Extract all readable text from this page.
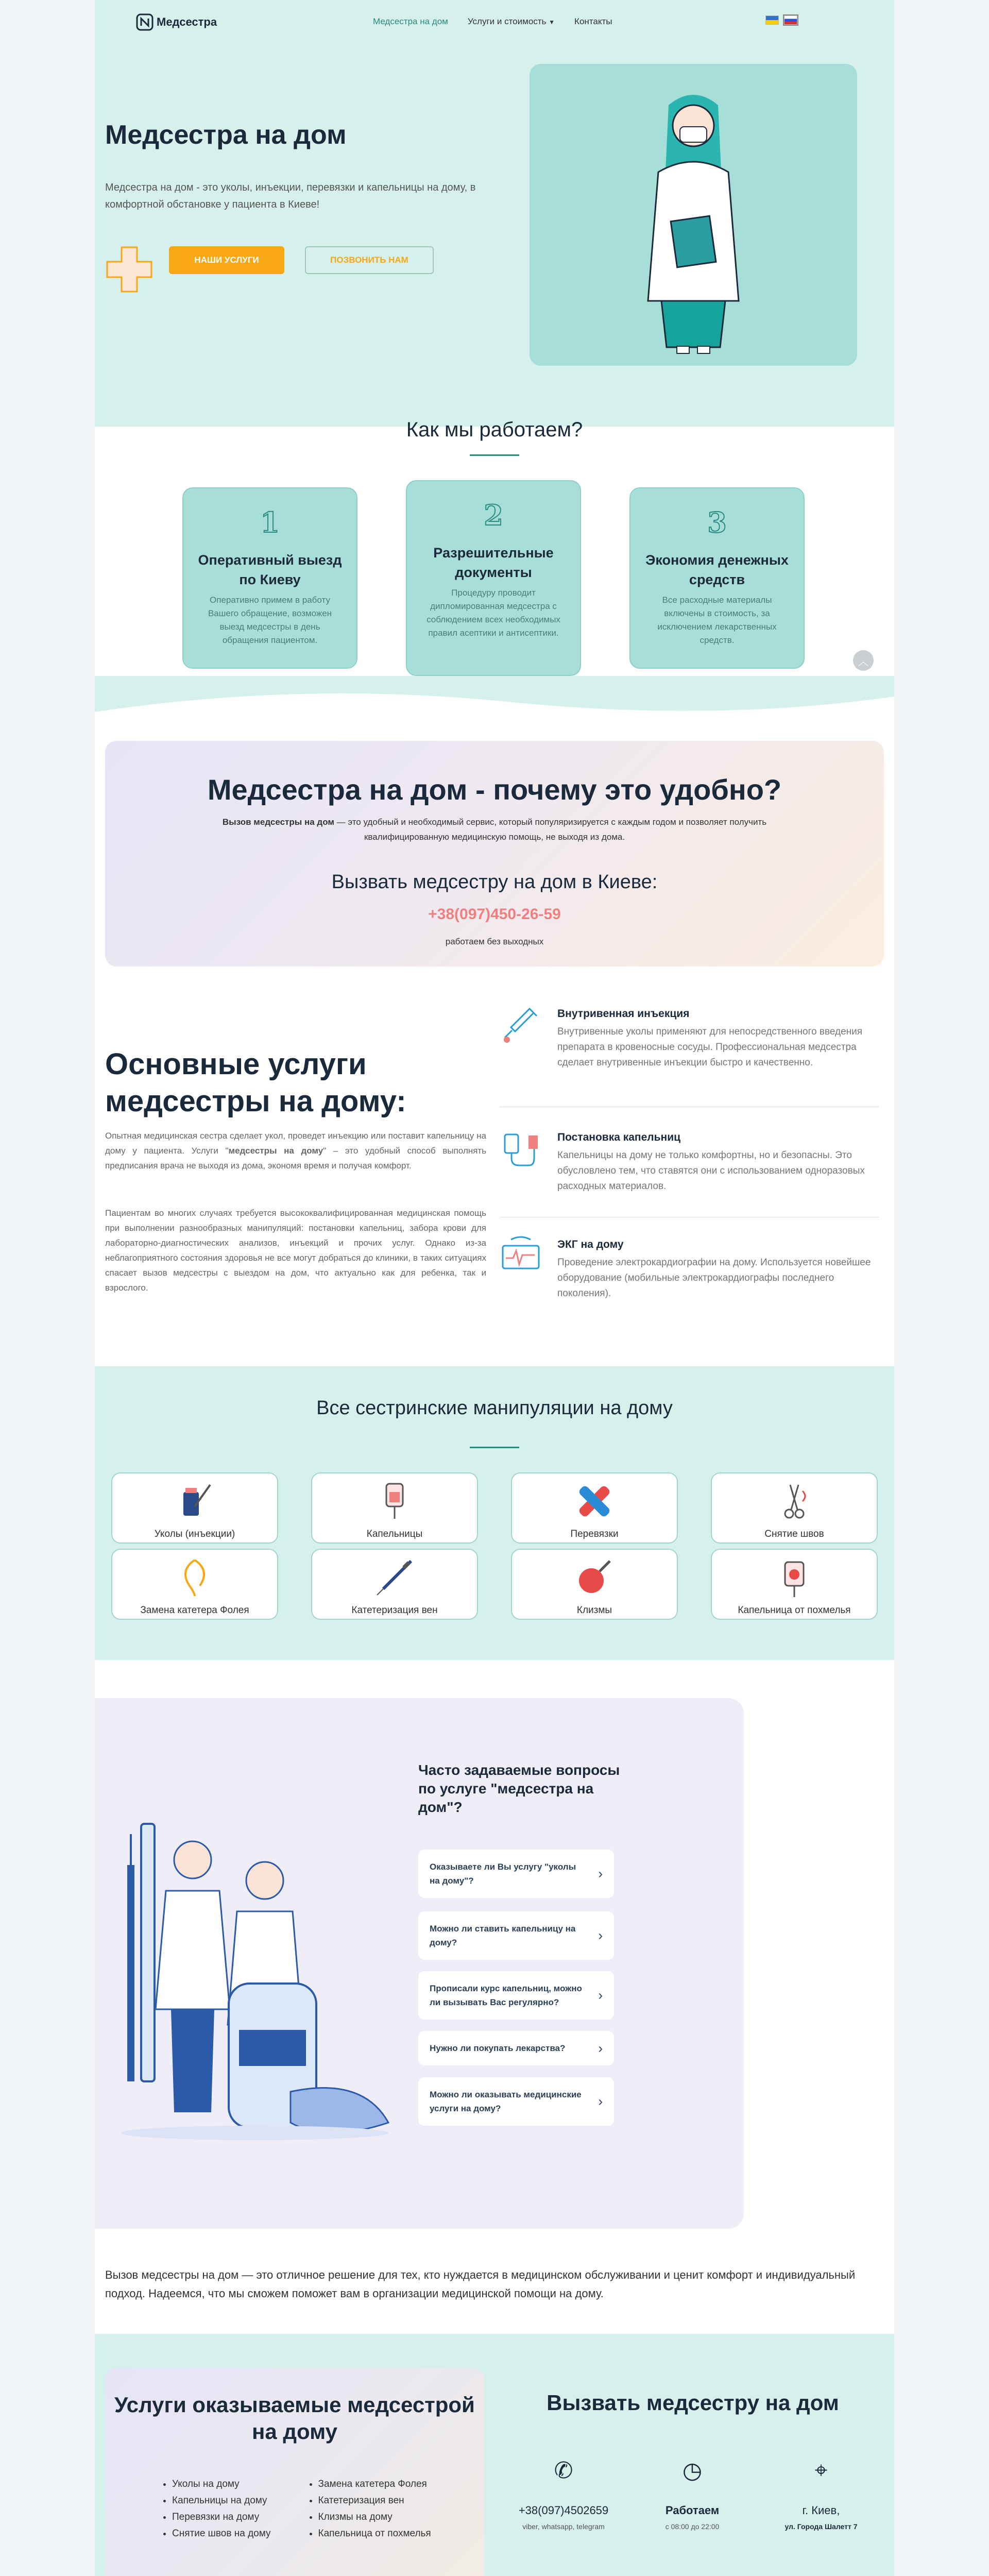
Медсестра	Медсестра на дом Услуги и стоимость ▼ Контакты
Медсестра на дом
Медсестра на дом - это уколы, инъекции, перевязки и капельницы на дому, в комфортной обстановке у пациента в Киеве!
НАШИ УСЛУГИ	ПОЗВОНИТЬ НАМ
Как мы работаем?
1
Оперативный выезд по Киеву

Оперативно примем в работу Вашего обращение, возможен выезд медсестры в день обращения пациентом.

2
Разрешительные документы

Процедуру проводит дипломированная медсестра с соблюдением всех необходимых правил асептики и антисептики.

3
Экономия денежных средств

Все расходные материалы включены в стоимость, за исключением лекарственных средств.

Медсестра на дом - почему это удобно?

Вызов медсестры на дом — это удобный и необходимый сервис, который популяризируется с каждым годом и позволяет получить квалифицированную медицинскую помощь, не выходя из дома.

Вызвать медсестру на дом в Киеве:
+38(097)450-26-59
работаем без выходных
Основные услуги медсестры на дому:
Опытная медицинская сестра сделает укол, проведет инъекцию или поставит капельницу на дому у пациента. Услуги "медсестры на дому" – это удобный способ выполнять предписания врача не выходя из дома, экономя время и получая комфорт.
Пациентам во многих случаях требуется высококвалифицированная медицинская помощь при выполнении разнообразных манипуляций: постановки капельниц, забора крови для лабораторно-диагностических анализов, инъекций и прочих услуг. Однако из-за неблагоприятного состояния здоровья не все могут добраться до клиники, в таких ситуациях спасает вызов медсестры с выездом на дом, что актуально как для ребенка, так и взрослого.
Внутривенная инъекция

Внутривенные уколы применяют для непосредственного введения препарата в кровеносные сосуды. Профессиональная медсестра сделает внутривенные инъекции быстро и качественно.

Постановка капельниц

Капельницы на дому не только комфортны, но и безопасны. Это обусловлено тем, что ставятся они с использованием одноразовых расходных материалов.

ЭКГ на дому

Проведение электрокардиографии на дому. Используется новейшее оборудование (мобильные электрокардиографы последнего поколения).

Все сестринские манипуляции на дому
Уколы (инъекции)	Капельницы	Перевязки	Снятие швов
Замена катетера Фолея	Катетеризация вен	Клизмы	Капельница от похмелья
Часто задаваемые вопросы по услуге "медсестра на дом"?
Оказываете ли Вы услугу "уколы на дому"?	›
Можно ли ставить капельницу на дому?	›
Прописали курс капельниц, можно ли вызывать Вас регулярно?	›
Нужно ли покупать лекарства? ›
Можно ли оказывать медицинские услуги на дому?	›
Вызов медсестры на дом — это отличное решение для тех, кто нуждается в медицинском обслуживании и ценит комфорт и индивидуальный подход. Надеемся, что мы сможем поможет вам в организации медицинской помощи на дому.
Услуги оказываемые медсестрой на дому
• Уколы на дому
• Капельницы на дому
• Перевязки на дому
• Снятие швов на дому
• Замена катетера Фолея
• Катетеризация вен
• Клизмы на дому
• Капельница от похмелья
Вызвать медсестру на дом
✆
+38(097)4502659
viber, whatsapp, telegram
◷
Работаем
с 08:00 до 22:00
⌖
г. Киев,
ул. Города Шалетт 7
︿
